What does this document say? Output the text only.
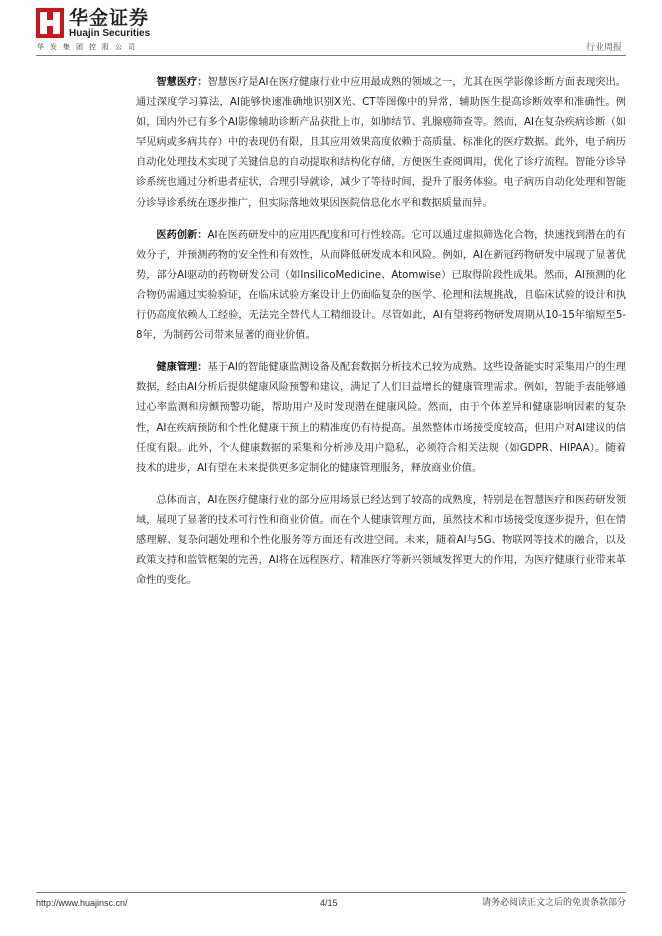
华金证券
Huajin Securities
华发集团控股公司	行业周报

智慧医疗：智慧医疗是AI在医疗健康行业中应用最成熟的领域之一，尤其在医学影像诊断方面表现突出。通过深度学习算法，AI能够快速准确地识别X光、CT等图像中的异常，辅助医生提高诊断效率和准确性。例如，国内外已有多个AI影像辅助诊断产品获批上市，如肺结节、乳腺癌筛查等。然而，AI在复杂疾病诊断（如罕见病或多病共存）中的表现仍有限，且其应用效果高度依赖于高质量、标准化的医疗数据。此外，电子病历自动化处理技术实现了关键信息的自动提取和结构化存储，方便医生查阅调用，优化了诊疗流程。智能分诊导诊系统也通过分析患者症状，合理引导就诊，减少了等待时间，提升了服务体验。电子病历自动化处理和智能分诊导诊系统在逐步推广，但实际落地效果因医院信息化水平和数据质量而异。

医药创新：AI在医药研发中的应用匹配度和可行性较高。它可以通过虚拟筛选化合物，快速找到潜在的有效分子，并预测药物的安全性和有效性，从而降低研发成本和风险。例如，AI在新冠药物研发中展现了显著优势，部分AI驱动的药物研发公司（如InsilicoMedicine、Atomwise）已取得阶段性成果。然而，AI预测的化合物仍需通过实验验证，在临床试验方案设计上仍面临复杂的医学、伦理和法规挑战，且临床试验的设计和执行仍高度依赖人工经验，无法完全替代人工精细设计。尽管如此，AI有望将药物研发周期从10-15年缩短至5-8年，为制药公司带来显著的商业价值。

健康管理：基于AI的智能健康监测设备及配套数据分析技术已较为成熟。这些设备能实时采集用户的生理数据，经由AI分析后提供健康风险预警和建议，满足了人们日益增长的健康管理需求。例如，智能手表能够通过心率监测和房颤预警功能，帮助用户及时发现潜在健康风险。然而，由于个体差异和健康影响因素的复杂性，AI在疾病预防和个性化健康干预上的精准度仍有待提高。虽然整体市场接受度较高，但用户对AI建议的信任度有限。此外，个人健康数据的采集和分析涉及用户隐私，必须符合相关法规（如GDPR、HIPAA）。随着技术的进步，AI有望在未来提供更多定制化的健康管理服务，释放商业价值。

总体而言，AI在医疗健康行业的部分应用场景已经达到了较高的成熟度，特别是在智慧医疗和医药研发领域，展现了显著的技术可行性和商业价值。而在个人健康管理方面，虽然技术和市场接受度逐步提升，但在情感理解、复杂问题处理和个性化服务等方面还有改进空间。未来，随着AI与5G、物联网等技术的融合，以及政策支持和监管框架的完善，AI将在远程医疗、精准医疗等新兴领域发挥更大的作用，为医疗健康行业带来革命性的变化。

http://www.huajinsc.cn/	4/15	请务必阅读正文之后的免责条款部分
